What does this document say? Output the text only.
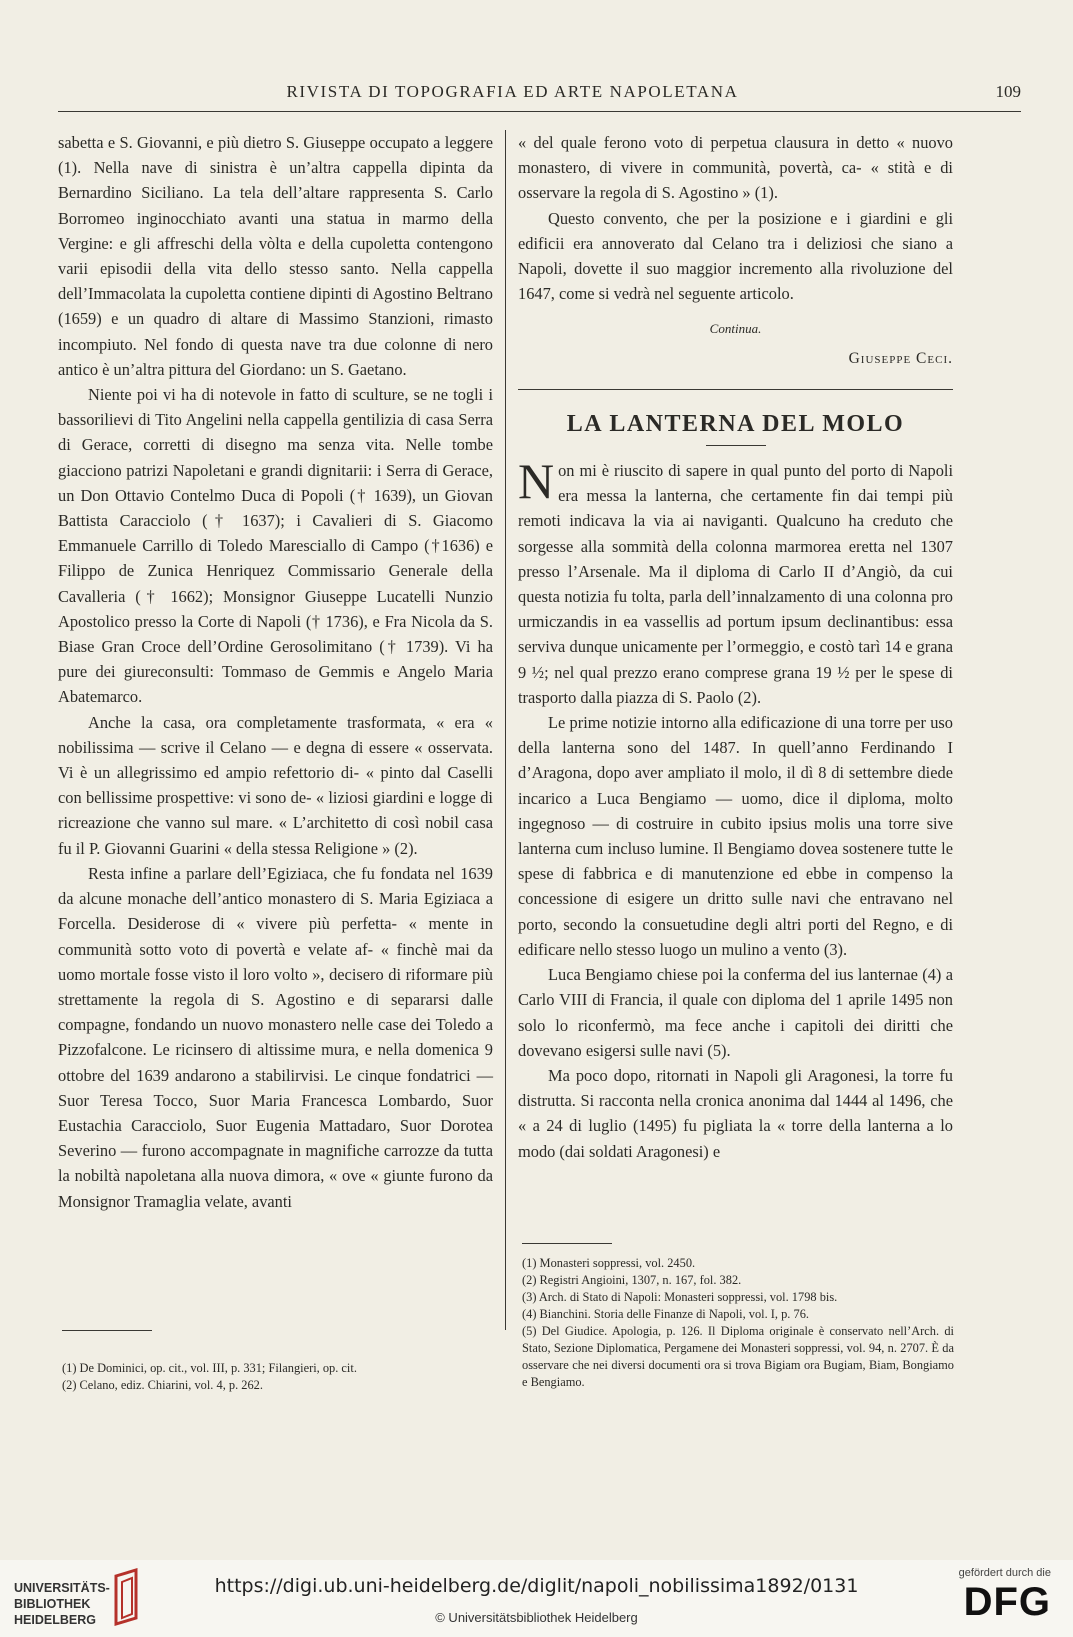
RIVISTA DI TOPOGRAFIA ED ARTE NAPOLETANA	109

sabetta e S. Giovanni, e più dietro S. Giuseppe occupato a leggere (1). Nella nave di sinistra è un’altra cappella dipinta da Bernardino Siciliano. La tela dell’altare rappresenta S. Carlo Borromeo inginocchiato avanti una statua in marmo della Vergine: e gli affreschi della vòlta e della cupoletta contengono varii episodii della vita dello stesso santo. Nella cappella dell’Immacolata la cupoletta contiene dipinti di Agostino Beltrano (1659) e un quadro di altare di Massimo Stanzioni, rimasto incompiuto. Nel fondo di questa nave tra due colonne di nero antico è un’altra pittura del Giordano: un S. Gaetano.

Niente poi vi ha di notevole in fatto di sculture, se ne togli i bassorilievi di Tito Angelini nella cappella gentilizia di casa Serra di Gerace, corretti di disegno ma senza vita. Nelle tombe giacciono patrizi Napoletani e grandi dignitarii: i Serra di Gerace, un Don Ottavio Contelmo Duca di Popoli († 1639), un Giovan Battista Caracciolo († 1637); i Cavalieri di S. Giacomo Emmanuele Carrillo di Toledo Maresciallo di Campo (†1636) e Filippo de Zunica Henriquez Commissario Generale della Cavalleria († 1662); Monsignor Giuseppe Lucatelli Nunzio Apostolico presso la Corte di Napoli († 1736), e Fra Nicola da S. Biase Gran Croce dell’Ordine Gerosolimitano († 1739). Vi ha pure dei giureconsulti: Tommaso de Gemmis e Angelo Maria Abatemarco.

Anche la casa, ora completamente trasformata, « era « nobilissima — scrive il Celano — e degna di essere « osservata. Vi è un allegrissimo ed ampio refettorio di- « pinto dal Caselli con bellissime prospettive: vi sono de- « liziosi giardini e logge di ricreazione che vanno sul mare. « L’architetto di così nobil casa fu il P. Giovanni Guarini « della stessa Religione » (2).

Resta infine a parlare dell’Egiziaca, che fu fondata nel 1639 da alcune monache dell’antico monastero di S. Maria Egiziaca a Forcella. Desiderose di « vivere più perfetta- « mente in communità sotto voto di povertà e velate af- « finchè mai da uomo mortale fosse visto il loro volto », decisero di riformare più strettamente la regola di S. Agostino e di separarsi dalle compagne, fondando un nuovo monastero nelle case dei Toledo a Pizzofalcone. Le ricinsero di altissime mura, e nella domenica 9 ottobre del 1639 andarono a stabilirvisi. Le cinque fondatrici — Suor Teresa Tocco, Suor Maria Francesca Lombardo, Suor Eustachia Caracciolo, Suor Eugenia Mattadaro, Suor Dorotea Severino — furono accompagnate in magnifiche carrozze da tutta la nobiltà napoletana alla nuova dimora, « ove « giunte furono da Monsignor Tramaglia velate, avanti

« del quale ferono voto di perpetua clausura in detto « nuovo monastero, di vivere in communità, povertà, ca- « stità e di osservare la regola di S. Agostino » (1).

Questo convento, che per la posizione e i giardini e gli edificii era annoverato dal Celano tra i deliziosi che siano a Napoli, dovette il suo maggior incremento alla rivoluzione del 1647, come si vedrà nel seguente articolo.

Continua.
Giuseppe Ceci.
LA LANTERNA DEL MOLO

Non mi è riuscito di sapere in qual punto del porto di Napoli era messa la lanterna, che certamente fin dai tempi più remoti indicava la via ai naviganti. Qualcuno ha creduto che sorgesse alla sommità della colonna marmorea eretta nel 1307 presso l’Arsenale. Ma il diploma di Carlo II d’Angiò, da cui questa notizia fu tolta, parla dell’innalzamento di una colonna pro urmiczandis in ea vassellis ad portum ipsum declinantibus: essa serviva dunque unicamente per l’ormeggio, e costò tarì 14 e grana 9 ½; nel qual prezzo erano comprese grana 19 ½ per le spese di trasporto dalla piazza di S. Paolo (2).

Le prime notizie intorno alla edificazione di una torre per uso della lanterna sono del 1487. In quell’anno Ferdinando I d’Aragona, dopo aver ampliato il molo, il dì 8 di settembre diede incarico a Luca Bengiamo — uomo, dice il diploma, molto ingegnoso — di costruire in cubito ipsius molis una torre sive lanterna cum incluso lumine. Il Bengiamo dovea sostenere tutte le spese di fabbrica e di manutenzione ed ebbe in compenso la concessione di esigere un dritto sulle navi che entravano nel porto, secondo la consuetudine degli altri porti del Regno, e di edificare nello stesso luogo un mulino a vento (3).

Luca Bengiamo chiese poi la conferma del ius lanternae (4) a Carlo VIII di Francia, il quale con diploma del 1 aprile 1495 non solo lo riconfermò, ma fece anche i capitoli dei diritti che dovevano esigersi sulle navi (5).

Ma poco dopo, ritornati in Napoli gli Aragonesi, la torre fu distrutta. Si racconta nella cronica anonima dal 1444 al 1496, che « a 24 di luglio (1495) fu pigliata la « torre della lanterna a lo modo (dai soldati Aragonesi) e

(1) De Dominici, op. cit., vol. III, p. 331; Filangieri, op. cit.
(2) Celano, ediz. Chiarini, vol. 4, p. 262.
(1) Monasteri soppressi, vol. 2450.
(2) Registri Angioini, 1307, n. 167, fol. 382.
(3) Arch. di Stato di Napoli: Monasteri soppressi, vol. 1798 bis.
(4) Bianchini. Storia delle Finanze di Napoli, vol. I, p. 76.
(5) Del Giudice. Apologia, p. 126. Il Diploma originale è conservato nell’Arch. di Stato, Sezione Diplomatica, Pergamene dei Monasteri soppressi, vol. 94, n. 2707. È da osservare che nei diversi documenti ora si trova Bigiam ora Bugiam, Biam, Bongiamo e Bengiamo.
UNIVERSITÄTS-
BIBLIOTHEK
HEIDELBERG
https://digi.ub.uni-heidelberg.de/diglit/napoli_nobilissima1892/0131
© Universitätsbibliothek Heidelberg
gefördert durch die
DFG
